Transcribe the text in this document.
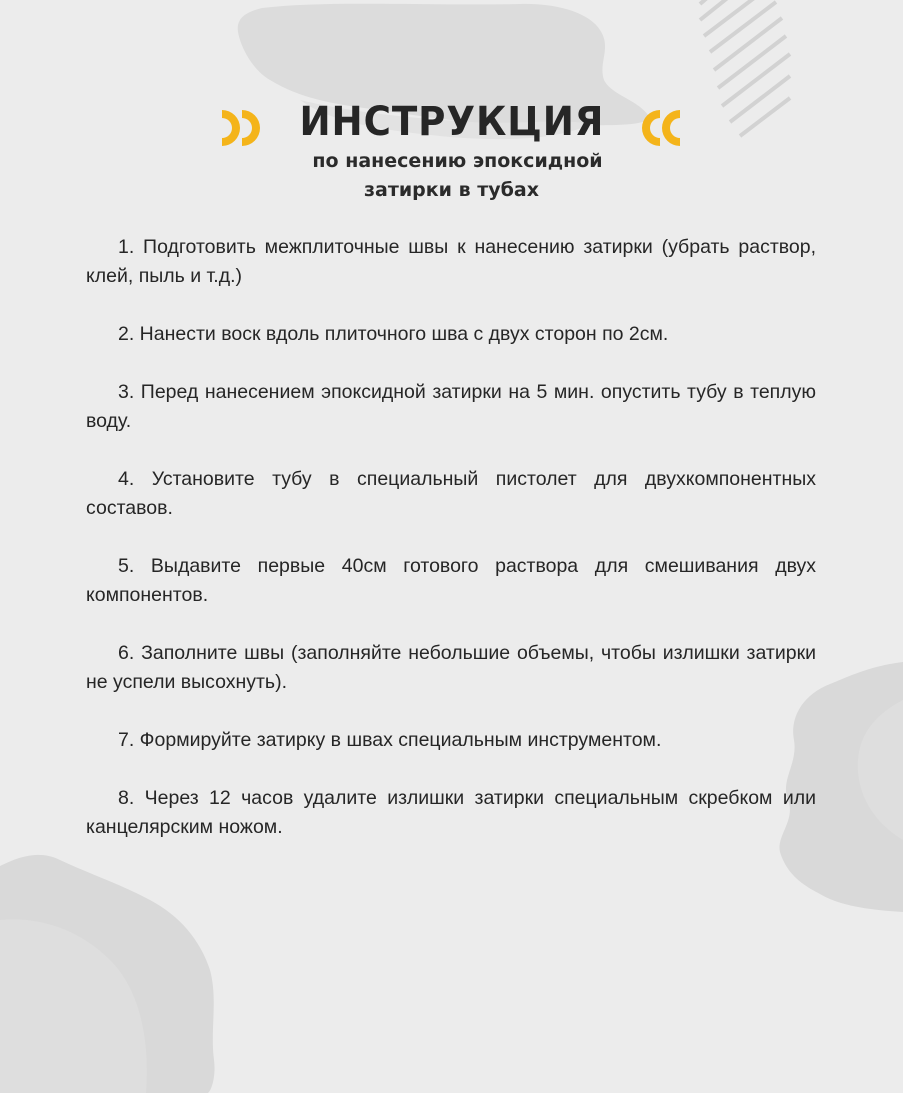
ИНСТРУКЦИЯ
по нанесению эпоксидной
затирки в тубах

1. Подготовить межплиточные швы к нанесению затирки (убрать раствор, клей, пыль и т.д.)

2. Нанести воск вдоль плиточного шва с двух сторон по 2см.

3. Перед нанесением эпоксидной затирки на 5 мин. опустить тубу в теплую воду.

4. Установите тубу в специальный пистолет для двухкомпонентных составов.

5. Выдавите первые 40см готового раствора для смешивания двух компонентов.

6. Заполните швы (заполняйте небольшие объемы, чтобы излишки затирки не успели высохнуть).

7. Формируйте затирку в швах специальным инструментом.

8. Через 12 часов удалите излишки затирки специальным скребком или канцелярским ножом.
